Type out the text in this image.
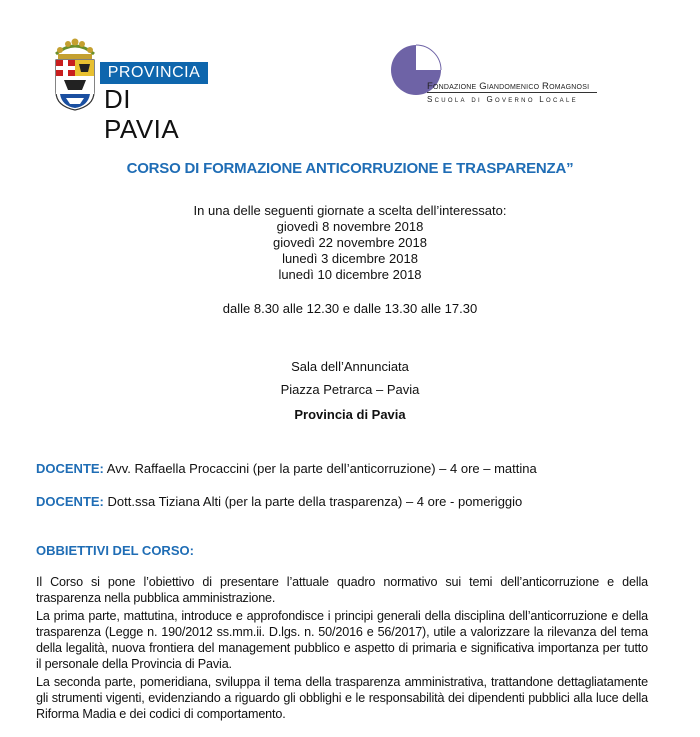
PROVINCIA
DI PAVIA
Fondazione Giandomenico Romagnosi
Scuola di Governo Locale
CORSO DI FORMAZIONE ANTICORRUZIONE E TRASPARENZA”
In una delle seguenti giornate a scelta dell’interessato:
giovedì 8 novembre 2018
giovedì 22 novembre 2018
lunedì 3 dicembre 2018
lunedì 10 dicembre 2018
dalle 8.30 alle 12.30 e dalle 13.30 alle 17.30
Sala dell’Annunciata
Piazza Petrarca – Pavia
Provincia di Pavia
DOCENTE: Avv. Raffaella Procaccini (per la parte dell’anticorruzione) – 4 ore – mattina
DOCENTE: Dott.ssa Tiziana Alti (per la parte della trasparenza) – 4 ore - pomeriggio
OBBIETTIVI DEL CORSO:
Il Corso si pone l’obiettivo di presentare l’attuale quadro normativo sui temi dell’anticorruzione e della trasparenza nella pubblica amministrazione.
La prima parte, mattutina, introduce e approfondisce i principi generali della disciplina dell’anticorruzione e della trasparenza (Legge n. 190/2012 ss.mm.ii. D.lgs. n. 50/2016 e 56/2017), utile a valorizzare la rilevanza del tema della legalità, nuova frontiera del management pubblico e aspetto di primaria e significativa importanza per tutto il personale della Provincia di Pavia.
La seconda parte, pomeridiana, sviluppa il tema della trasparenza amministrativa, trattandone dettagliatamente gli strumenti vigenti, evidenziando a riguardo gli obblighi e le responsabilità dei dipendenti pubblici alla luce della Riforma Madia e dei codici di comportamento.
